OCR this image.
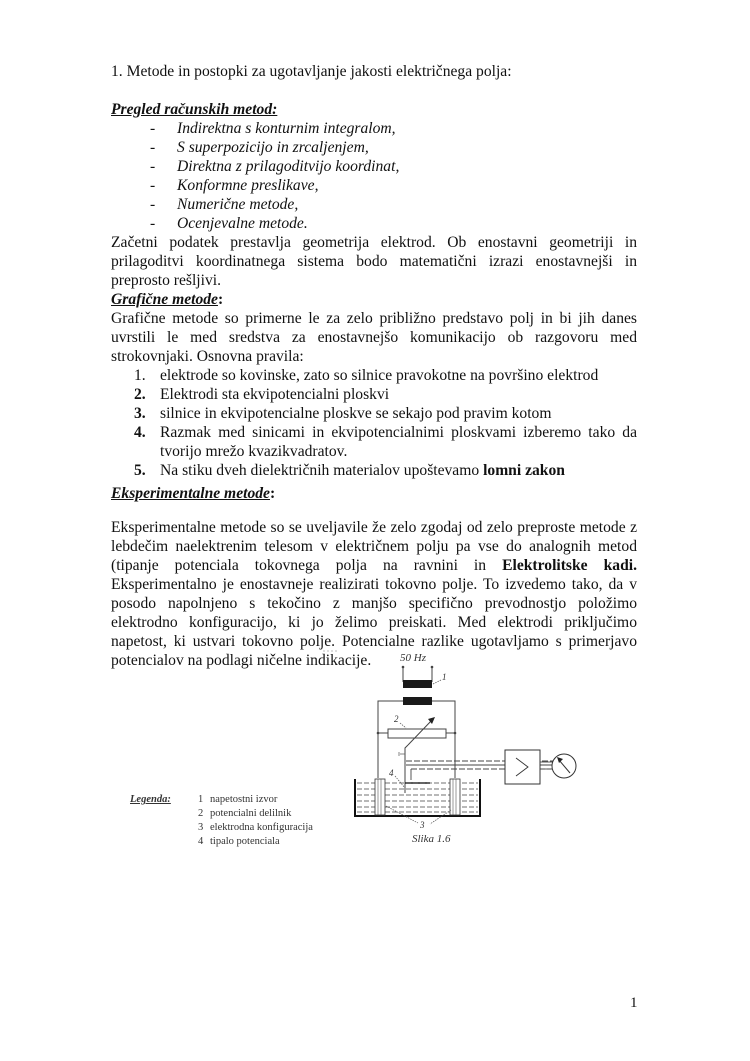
1. Metode in postopki za ugotavljanje jakosti električnega polja:
Pregled računskih metod:
- Indirektna s konturnim integralom,
- S superpozicijo in zrcaljenjem,
- Direktna z prilagoditvijo koordinat,
- Konformne preslikave,
- Numerične metode,
- Ocenjevalne metode.
Začetni podatek prestavlja geometrija elektrod. Ob enostavni geometriji in prilagoditvi koordinatnega sistema bodo matematični izrazi enostavnejši in preprosto rešljivi.
Grafične metode:
Grafične metode so primerne le za zelo približno predstavo polj in bi jih danes uvrstili le med sredstva za enostavnejšo komunikacijo ob razgovoru med strokovnjaki. Osnovna pravila:
1. elektrode so kovinske, zato so silnice pravokotne na površino elektrod
2. Elektrodi sta ekvipotencialni ploskvi
3. silnice in ekvipotencialne ploskve se sekajo pod pravim kotom
4. Razmak med sinicami in ekvipotencialnimi ploskvami izberemo tako da tvorijo mrežo kvazikvadratov.
5. Na stiku dveh dielektričnih materialov upoštevamo lomni zakon
Eksperimentalne metode:
Eksperimentalne metode so se uveljavile že zelo zgodaj od zelo preproste metode z lebdečim naelektrenim telesom v električnem polju pa vse do analognih metod (tipanje potenciala tokovnega polja na ravnini in Elektrolitske kadi. Eksperimentalno je enostavneje realizirati tokovno polje. To izvedemo tako, da v posodo napolnjeno s tekočino z manjšo specifično prevodnostjo položimo elektrodno konfiguracijo, ki jo želimo preiskati. Med elektrodi priključimo napetost, ki ustvari tokovno polje. Potencialne razlike ugotavljamo s primerjavo potencialov na podlagi ničelne indikacije.	50 Hz
1
2
3
4
Slika 1.6
Legenda:	1 napetostni izvor
2 potencialni delilnik
3 elektrodna konfiguracija
4 tipalo potenciala
1
